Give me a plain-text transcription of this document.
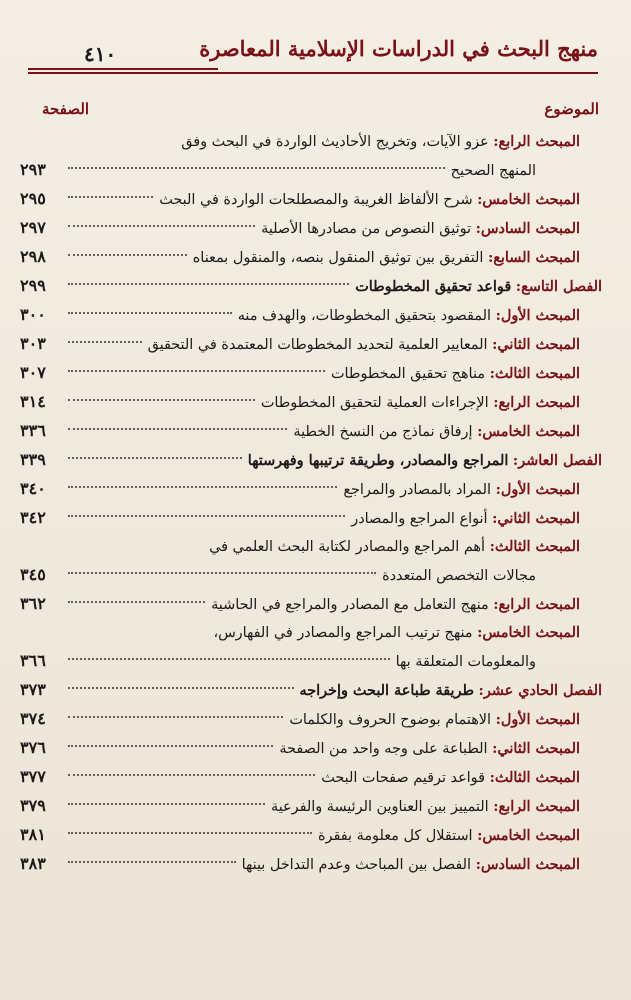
٤١٠	منهج البحث في الدراسات الإسلامية المعاصرة
الموضوع
الصفحة
المبحث الرابع:

عزو الآيات، وتخريج الأحاديث الواردة في البحث وفق
المنهج الصحيح
٢٩٣
المبحث الخامس:

شرح الألفاظ الغريبة والمصطلحات الواردة في البحث
٢٩٥
المبحث السادس:

توثيق النصوص من مصادرها الأصلية
٢٩٧
المبحث السابع:

التفريق بين توثيق المنقول بنصه، والمنقول بمعناه
٢٩٨
الفصل التاسع:

قواعد تحقيق المخطوطات
٢٩٩
المبحث الأول:

المقصود بتحقيق المخطوطات، والهدف منه
٣٠٠
المبحث الثاني:

المعايير العلمية لتحديد المخطوطات المعتمدة في التحقيق
٣٠٣
المبحث الثالث:

مناهج تحقيق المخطوطات
٣٠٧
المبحث الرابع:

الإجراءات العملية لتحقيق المخطوطات
٣١٤
المبحث الخامس:

إرفاق نماذج من النسخ الخطية
٣٣٦
الفصل العاشر:

المراجع والمصادر، وطريقة ترتيبها وفهرستها
٣٣٩
المبحث الأول:

المراد بالمصادر والمراجع
٣٤٠
المبحث الثاني:

أنواع المراجع والمصادر
٣٤٢
المبحث الثالث:

أهم المراجع والمصادر لكتابة البحث العلمي في
مجالات التخصص المتعددة
٣٤٥
المبحث الرابع:

منهج التعامل مع المصادر والمراجع في الحاشية
٣٦٢
المبحث الخامس:

منهج ترتيب المراجع والمصادر في الفهارس،
والمعلومات المتعلقة بها
٣٦٦
الفصل الحادي عشر:

طريقة طباعة البحث وإخراجه
٣٧٣
المبحث الأول:

الاهتمام بوضوح الحروف والكلمات
٣٧٤
المبحث الثاني:

الطباعة على وجه واحد من الصفحة
٣٧٦
المبحث الثالث:

قواعد ترقيم صفحات البحث
٣٧٧
المبحث الرابع:

التمييز بين العناوين الرئيسة والفرعية
٣٧٩
المبحث الخامس:

استقلال كل معلومة بفقرة
٣٨١
المبحث السادس:

الفصل بين المباحث وعدم التداخل بينها
٣٨٣
